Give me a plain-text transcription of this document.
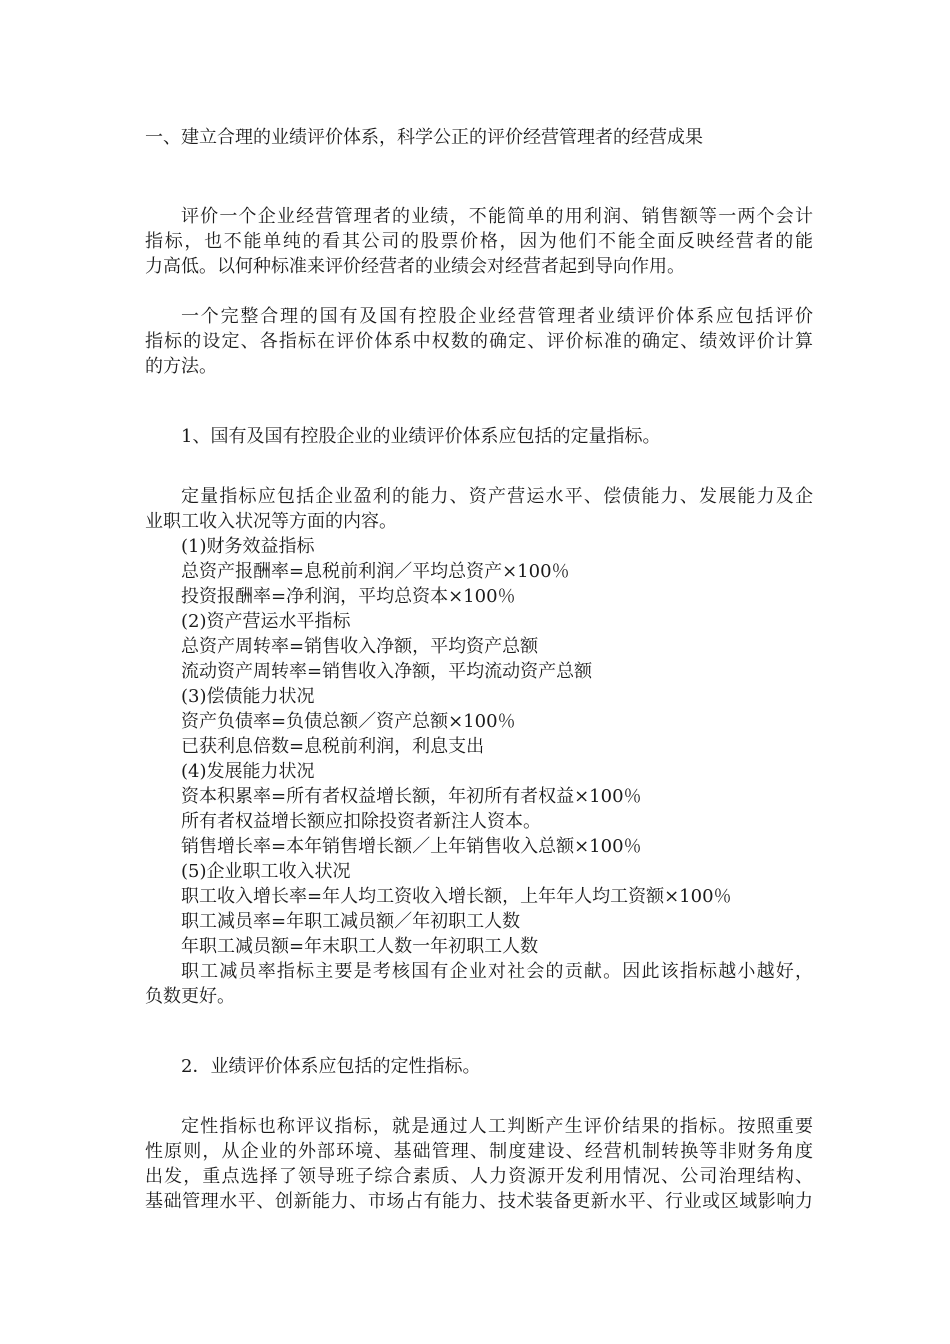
一、建立合理的业绩评价体系，科学公正的评价经营管理者的经营成果
评价一个企业经营管理者的业绩，不能简单的用利润、销售额等一两个会计
指标，也不能单纯的看其公司的股票价格，因为他们不能全面反映经营者的能
力高低。以何种标准来评价经营者的业绩会对经营者起到导向作用。
一个完整合理的国有及国有控股企业经营管理者业绩评价体系应包括评价
指标的设定、各指标在评价体系中权数的确定、评价标准的确定、绩效评价计算
的方法。
1、国有及国有控股企业的业绩评价体系应包括的定量指标。
定量指标应包括企业盈利的能力、资产营运水平、偿债能力、发展能力及企
业职工收入状况等方面的内容。
(1)财务效益指标
总资产报酬率=息税前利润／平均总资产×100％
投资报酬率=净利润，平均总资本×100％
(2)资产营运水平指标
总资产周转率=销售收入净额，平均资产总额
流动资产周转率=销售收入净额，平均流动资产总额
(3)偿债能力状况
资产负债率=负债总额／资产总额×100％
已获利息倍数=息税前利润，利息支出
(4)发展能力状况
资本积累率=所有者权益增长额，年初所有者权益×100％
所有者权益增长额应扣除投资者新注人资本。
销售增长率=本年销售增长额／上年销售收入总额×100％
(5)企业职工收入状况
职工收入增长率=年人均工资收入增长额，上年年人均工资额×100％
职工减员率=年职工减员额／年初职工人数
年职工减员额=年末职工人数一年初职工人数
职工减员率指标主要是考核国有企业对社会的贡献。因此该指标越小越好，
负数更好。
2．业绩评价体系应包括的定性指标。
定性指标也称评议指标，就是通过人工判断产生评价结果的指标。按照重要
性原则，从企业的外部环境、基础管理、制度建设、经营机制转换等非财务角度
出发，重点选择了领导班子综合素质、人力资源开发利用情况、公司治理结构、
基础管理水平、创新能力、市场占有能力、技术装备更新水平、行业或区域影响力
